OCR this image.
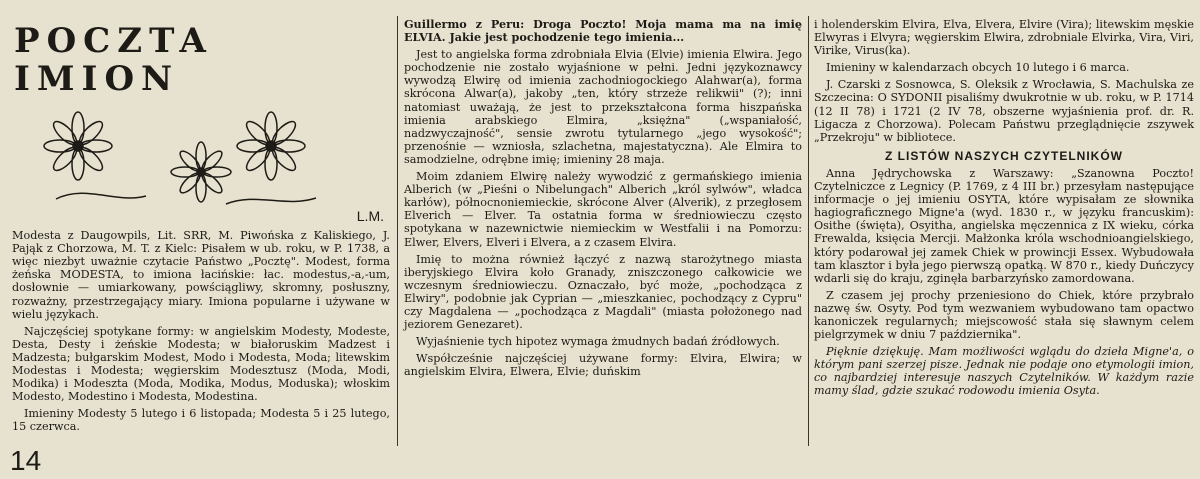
POCZTA
IMION
L.M.

Modesta z Daugowpils, Lit. SRR, M. Piwońska z Kaliskiego, J. Pająk z Chorzowa, M. T. z Kielc: Pisałem w ub. roku, w P. 1738, a więc niezbyt uważnie czytacie Państwo „Pocztę". Modest, forma żeńska MODESTA, to imiona łacińskie: łac. modestus,-a,-um, dosłownie — umiarkowany, powściągliwy, skromny, posłuszny, rozważny, przestrzegający miary. Imiona popularne i używane w wielu językach.

Najczęściej spotykane formy: w angielskim Modesty, Modeste, Desta, Desty i żeńskie Modesta; w białoruskim Madzest i Madzesta; bułgarskim Modest, Modo i Modesta, Moda; litewskim Modestas i Modesta; węgierskim Modesztusz (Moda, Modi, Modika) i Modeszta (Moda, Modika, Modus, Moduska); włoskim Modesto, Modestino i Modesta, Modestina.

Imieniny Modesty 5 lutego i 6 listopada; Modesta 5 i 25 lutego, 15 czerwca.

Guillermo z Peru: Droga Poczto! Moja mama ma na imię ELVIA. Jakie jest pochodzenie tego imienia...

Jest to angielska forma zdrobniała Elvia (Elvie) imienia Elwira. Jego pochodzenie nie zostało wyjaśnione w pełni. Jedni językoznawcy wywodzą Elwirę od imienia zachodniogockiego Alahwar(a), forma skrócona Alwar(a), jakoby „ten, który strzeże relikwii" (?); inni natomiast uważają, że jest to przekształcona forma hiszpańska imienia arabskiego Elmira, „księżna" („wspaniałość, nadzwyczajność", sensie zwrotu tytularnego „jego wysokość"; przenośnie — wzniosła, szlachetna, majestatyczna). Ale Elmira to samodzielne, odrębne imię; imieniny 28 maja.

Moim zdaniem Elwirę należy wywodzić z germańskiego imienia Alberich (w „Pieśni o Nibelungach" Alberich „król sylwów", władca karłów), północnoniemieckie, skrócone Alver (Alverik), z przegłosem Elverich — Elver. Ta ostatnia forma w średniowieczu często spotykana w nazewnictwie niemieckim w Westfalii i na Pomorzu: Elwer, Elvers, Elveri i Elvera, a z czasem Elvira.

Imię to można również łączyć z nazwą starożytnego miasta iberyjskiego Elvira koło Granady, zniszczonego całkowicie we wczesnym średniowieczu. Oznaczało, być może, „pochodząca z Elwiry", podobnie jak Cyprian — „mieszkaniec, pochodzący z Cypru" czy Magdalena — „pochodząca z Magdali" (miasta położonego nad jeziorem Genezaret).

Wyjaśnienie tych hipotez wymaga żmudnych badań źródłowych.

Współcześnie najczęściej używane formy: Elvira, Elwira; w angielskim Elvira, Elwera, Elvie; duńskim

i holenderskim Elvira, Elva, Elvera, Elvire (Vira); litewskim męskie Elwyras i Elvyra; węgierskim Elwira, zdrobniale Elvirka, Vira, Viri, Virike, Virus(ka).

Imieniny w kalendarzach obcych 10 lutego i 6 marca.

J. Czarski z Sosnowca, S. Oleksik z Wrocławia, S. Machulska ze Szczecina: O SYDONII pisaliśmy dwukrotnie w ub. roku, w P. 1714 (12 II 78) i 1721 (2 IV 78, obszerne wyjaśnienia prof. dr. R. Ligacza z Chorzowa). Polecam Państwu przeglądnięcie zszywek „Przekroju" w bibliotece.

Z LISTÓW NASZYCH CZYTELNIKÓW

Anna Jędrychowska z Warszawy: „Szanowna Poczto! Czytelniczce z Legnicy (P. 1769, z 4 III br.) przesyłam następujące informacje o jej imieniu OSYTA, które wypisałam ze słownika hagiograficznego Migne'a (wyd. 1830 r., w języku francuskim): Osithe (święta), Osyitha, angielska męczennica z IX wieku, córka Frewalda, księcia Mercji. Małżonka króla wschodnioangielskiego, który podarował jej zamek Chiek w prowincji Essex. Wybudowała tam klasztor i była jego pierwszą opatką. W 870 r., kiedy Duńczycy wdarli się do kraju, zginęła barbarzyńsko zamordowana.

Z czasem jej prochy przeniesiono do Chiek, które przybrało nazwę św. Osyty. Pod tym wezwaniem wybudowano tam opactwo kanoniczek regularnych; miejscowość stała się sławnym celem pielgrzymek w dniu 7 października".

Pięknie dziękuję. Mam możliwości wglądu do dzieła Migne'a, o którym pani szerzej pisze. Jednak nie podaje ono etymologii imion, co najbardziej interesuje naszych Czytelników. W każdym razie mamy ślad, gdzie szukać rodowodu imienia Osyta.

14
